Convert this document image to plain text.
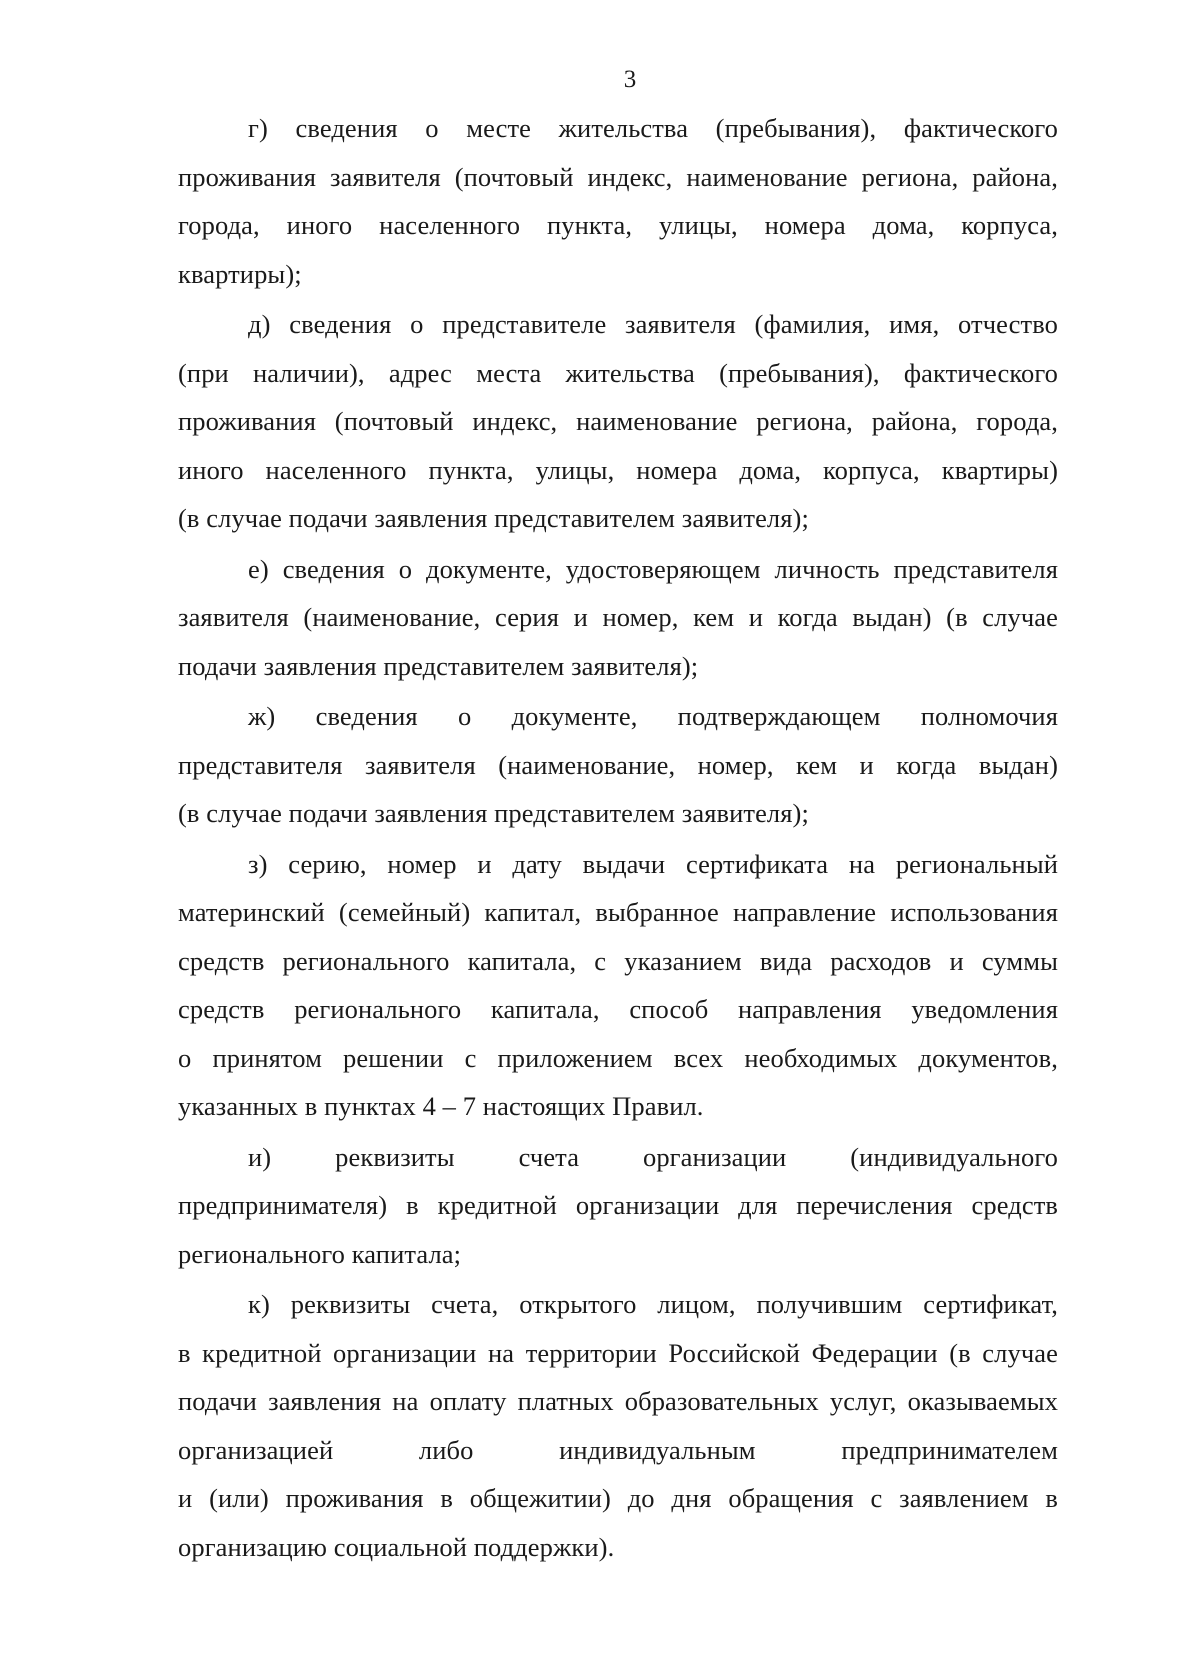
3
г) сведения о месте жительства (пребывания), фактического
проживания заявителя (почтовый индекс, наименование региона, района,
города, иного населенного пункта, улицы, номера дома, корпуса,
квартиры);
д) сведения о представителе заявителя (фамилия, имя, отчество
(при наличии), адрес места жительства (пребывания), фактического
проживания (почтовый индекс, наименование региона, района, города,
иного населенного пункта, улицы, номера дома, корпуса, квартиры)
(в случае подачи заявления представителем заявителя);
е) сведения о документе, удостоверяющем личность представителя
заявителя (наименование, серия и номер, кем и когда выдан) (в случае
подачи заявления представителем заявителя);
ж) сведения о документе, подтверждающем полномочия
представителя заявителя (наименование, номер, кем и когда выдан)
(в случае подачи заявления представителем заявителя);
з) серию, номер и дату выдачи сертификата на региональный
материнский (семейный) капитал, выбранное направление использования
средств регионального капитала, с указанием вида расходов и суммы
средств регионального капитала, способ направления уведомления
о принятом решении с приложением всех необходимых документов,
указанных в пунктах 4 – 7 настоящих Правил.
и) реквизиты счета организации (индивидуального
предпринимателя) в кредитной организации для перечисления средств
регионального капитала;
к) реквизиты счета, открытого лицом, получившим сертификат,
в кредитной организации на территории Российской Федерации (в случае
подачи заявления на оплату платных образовательных услуг, оказываемых
организацией либо индивидуальным предпринимателем
и (или) проживания в общежитии) до дня обращения с заявлением в
организацию социальной поддержки).
